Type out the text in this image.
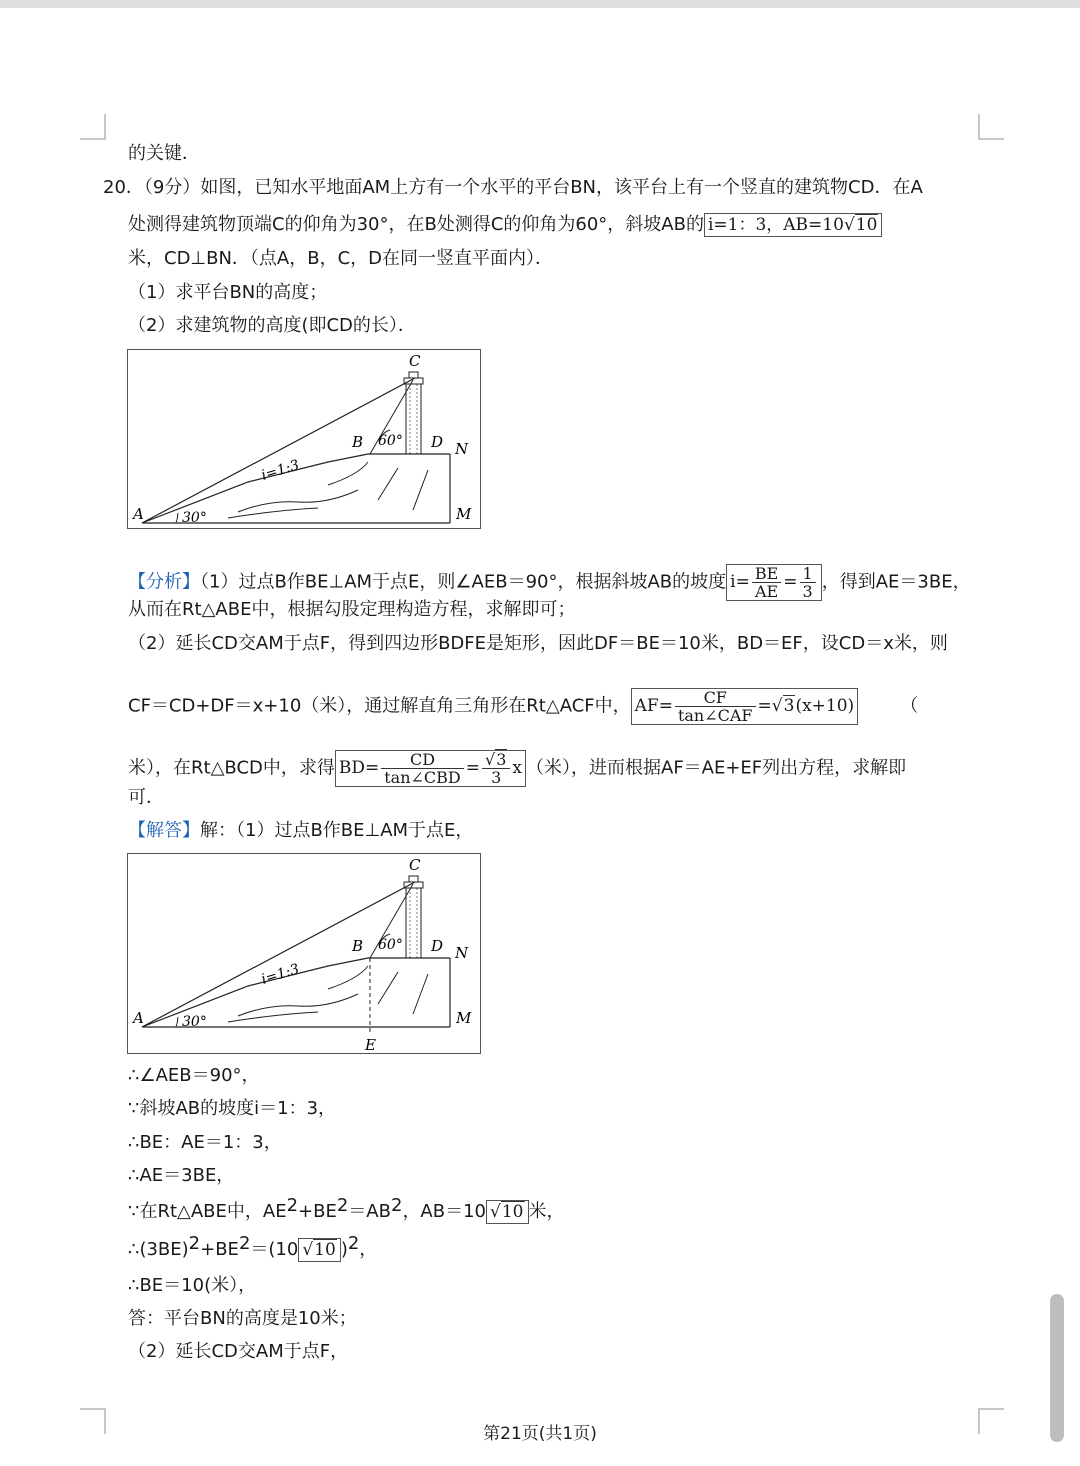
的关键．
20．（9分）如图，已知水平地面AM上方有一个水平的平台BN，该平台上有一个竖直的建筑物CD．在A
处测得建筑物顶端C的仰角为30°，在B处测得C的仰角为60°，斜坡AB的 i=1：3，AB=10√10
米，CD⊥BN．（点A，B，C，D在同一竖直平面内）．
（1）求平台BN的高度；
（2）求建筑物的高度(即CD的长）．
C
B 60° D N
i=1:3
A	30°	M
【分析】（1）过点B作BE⊥AM于点E，则∠AEB＝90°，根据斜坡AB的坡度 $i= \frac{BE}{AE} = \frac{1}{3}$ ，得到AE＝3BE，
从而在Rt△ABE中，根据勾股定理构造方程，求解即可；
（2）延长CD交AM于点F，得到四边形BDFE是矩形，因此DF＝BE＝10米，BD＝EF，设CD＝x米，则
CF＝CD+DF＝x+10（米），通过解直角三角形在Rt△ACF中， $AF= \frac{CF}{\text{tan∠CAF}} =√3(x+10)$	（
米），在Rt△BCD中，求得 $BD= \frac{CD}{\text{tan∠CBD}} = \frac{√3}{3}$ x （米），进而根据AF＝AE+EF列出方程，求解即
可．
【解答】解：（1）过点B作BE⊥AM于点E，
C
B 60° D N
i=1:3
A	30°	M
E
∴∠AEB＝90°，
∵斜坡AB的坡度i＝1：3，
∴BE：AE＝1：3，
∴AE＝3BE，
∵在Rt△ABE中，$AE^2+BE^2=AB^2$，AB＝10 √10 米，
$\therefore(3BE)^2+BE^2=(10$ √10 )$^2$，
∴BE＝10(米），
答：平台BN的高度是10米；
（2）延长CD交AM于点F，
第21页(共1页)
